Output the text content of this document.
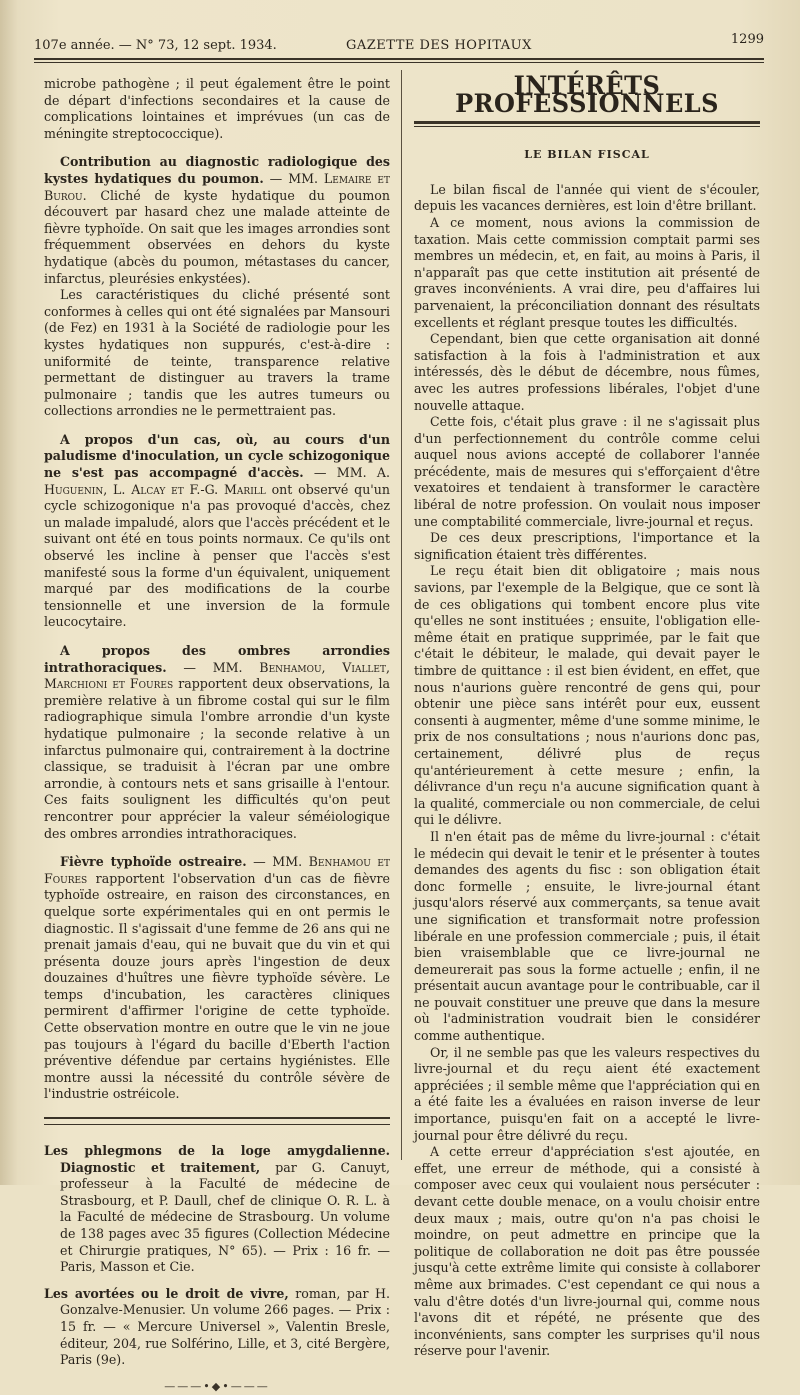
107e année. — N° 73, 12 sept. 1934.	GAZETTE DES HOPITAUX	1299

microbe pathogène ; il peut également être le point de départ d'infections secondaires et la cause de complications lointaines et imprévues (un cas de méningite streptococcique).

Contribution au diagnostic radiologique des kystes hydatiques du poumon. — MM. Lemaire et Burou. Cliché de kyste hydatique du poumon découvert par hasard chez une malade atteinte de fièvre typhoïde. On sait que les images arrondies sont fréquemment observées en dehors du kyste hydatique (abcès du poumon, métastases du cancer, infarctus, pleurésies enkystées).

Les caractéristiques du cliché présenté sont conformes à celles qui ont été signalées par Mansouri (de Fez) en 1931 à la Société de radiologie pour les kystes hydatiques non suppurés, c'est-à-dire : uniformité de teinte, transparence relative permettant de distinguer au travers la trame pulmonaire ; tandis que les autres tumeurs ou collections arrondies ne le permettraient pas.

A propos d'un cas, où, au cours d'un paludisme d'inoculation, un cycle schizogonique ne s'est pas accompagné d'accès. — MM. A. Huguenin, L. Alcay et F.-G. Marill ont observé qu'un cycle schizogonique n'a pas provoqué d'accès, chez un malade impaludé, alors que l'accès précédent et le suivant ont été en tous points normaux. Ce qu'ils ont observé les incline à penser que l'accès s'est manifesté sous la forme d'un équivalent, uniquement marqué par des modifications de la courbe tensionnelle et une inversion de la formule leucocytaire.

A propos des ombres arrondies intrathoraciques. — MM. Benhamou, Viallet, Marchioni et Foures rapportent deux observations, la première relative à un fibrome costal qui sur le film radiographique simula l'ombre arrondie d'un kyste hydatique pulmonaire ; la seconde relative à un infarctus pulmonaire qui, contrairement à la doctrine classique, se traduisit à l'écran par une ombre arrondie, à contours nets et sans grisaille à l'entour. Ces faits soulignent les difficultés qu'on peut rencontrer pour apprécier la valeur séméiologique des ombres arrondies intrathoraciques.

Fièvre typhoïde ostreaire. — MM. Benhamou et Foures rapportent l'observation d'un cas de fièvre typhoïde ostreaire, en raison des circonstances, en quelque sorte expérimentales qui en ont permis le diagnostic. Il s'agissait d'une femme de 26 ans qui ne prenait jamais d'eau, qui ne buvait que du vin et qui présenta douze jours après l'ingestion de deux douzaines d'huîtres une fièvre typhoïde sévère. Le temps d'incubation, les caractères cliniques permirent d'affirmer l'origine de cette typhoïde. Cette observation montre en outre que le vin ne joue pas toujours à l'égard du bacille d'Eberth l'action préventive défendue par certains hygiénistes. Elle montre aussi la nécessité du contrôle sévère de l'industrie ostréicole.

Les phlegmons de la loge amygdalienne. Diagnostic et traitement, par G. Canuyt, professeur à la Faculté de médecine de Strasbourg, et P. Daull, chef de clinique O. R. L. à la Faculté de médecine de Strasbourg. Un volume de 138 pages avec 35 figures (Collection Médecine et Chirurgie pratiques, N° 65). — Prix : 16 fr. — Paris, Masson et Cie.

Les avortées ou le droit de vivre, roman, par H. Gonzalve-Menusier. Un volume 266 pages. — Prix : 15 fr. — « Mercure Universel », Valentin Bresle, éditeur, 204, rue Solférino, Lille, et 3, cité Bergère, Paris (9e).

———•◆•———
INTÉRÊTS PROFESSIONNELS
LE BILAN FISCAL

Le bilan fiscal de l'année qui vient de s'écouler, depuis les vacances dernières, est loin d'être brillant.

A ce moment, nous avions la commission de taxation. Mais cette commission comptait parmi ses membres un médecin, et, en fait, au moins à Paris, il n'apparaît pas que cette institution ait présenté de graves inconvénients. A vrai dire, peu d'affaires lui parvenaient, la préconciliation donnant des résultats excellents et réglant presque toutes les difficultés.

Cependant, bien que cette organisation ait donné satisfaction à la fois à l'administration et aux intéressés, dès le début de décembre, nous fûmes, avec les autres professions libérales, l'objet d'une nouvelle attaque.

Cette fois, c'était plus grave : il ne s'agissait plus d'un perfectionnement du contrôle comme celui auquel nous avions accepté de collaborer l'année précédente, mais de mesures qui s'efforçaient d'être vexatoires et tendaient à transformer le caractère libéral de notre profession. On voulait nous imposer une comptabilité commerciale, livre-journal et reçus.

De ces deux prescriptions, l'importance et la signification étaient très différentes.

Le reçu était bien dit obligatoire ; mais nous savions, par l'exemple de la Belgique, que ce sont là de ces obligations qui tombent encore plus vite qu'elles ne sont instituées ; ensuite, l'obligation elle-même était en pratique supprimée, par le fait que c'était le débiteur, le malade, qui devait payer le timbre de quittance : il est bien évident, en effet, que nous n'aurions guère rencontré de gens qui, pour obtenir une pièce sans intérêt pour eux, eussent consenti à augmenter, même d'une somme minime, le prix de nos consultations ; nous n'aurions donc pas, certainement, délivré plus de reçus qu'antérieurement à cette mesure ; enfin, la délivrance d'un reçu n'a aucune signification quant à la qualité, commerciale ou non commerciale, de celui qui le délivre.

Il n'en était pas de même du livre-journal : c'était le médecin qui devait le tenir et le présenter à toutes demandes des agents du fisc : son obligation était donc formelle ; ensuite, le livre-journal étant jusqu'alors réservé aux commerçants, sa tenue avait une signification et transformait notre profession libérale en une profession commerciale ; puis, il était bien vraisemblable que ce livre-journal ne demeurerait pas sous la forme actuelle ; enfin, il ne présentait aucun avantage pour le contribuable, car il ne pouvait constituer une preuve que dans la mesure où l'administration voudrait bien le considérer comme authentique.

Or, il ne semble pas que les valeurs respectives du livre-journal et du reçu aient été exactement appréciées ; il semble même que l'appréciation qui en a été faite les a évaluées en raison inverse de leur importance, puisqu'en fait on a accepté le livre-journal pour être délivré du reçu.

A cette erreur d'appréciation s'est ajoutée, en effet, une erreur de méthode, qui a consisté à composer avec ceux qui voulaient nous persécuter : devant cette double menace, on a voulu choisir entre deux maux ; mais, outre qu'on n'a pas choisi le moindre, on peut admettre en principe que la politique de collaboration ne doit pas être poussée jusqu'à cette extrême limite qui consiste à collaborer même aux brimades. C'est cependant ce qui nous a valu d'être dotés d'un livre-journal qui, comme nous l'avons dit et répété, ne présente que des inconvénients, sans compter les surprises qu'il nous réserve pour l'avenir.
